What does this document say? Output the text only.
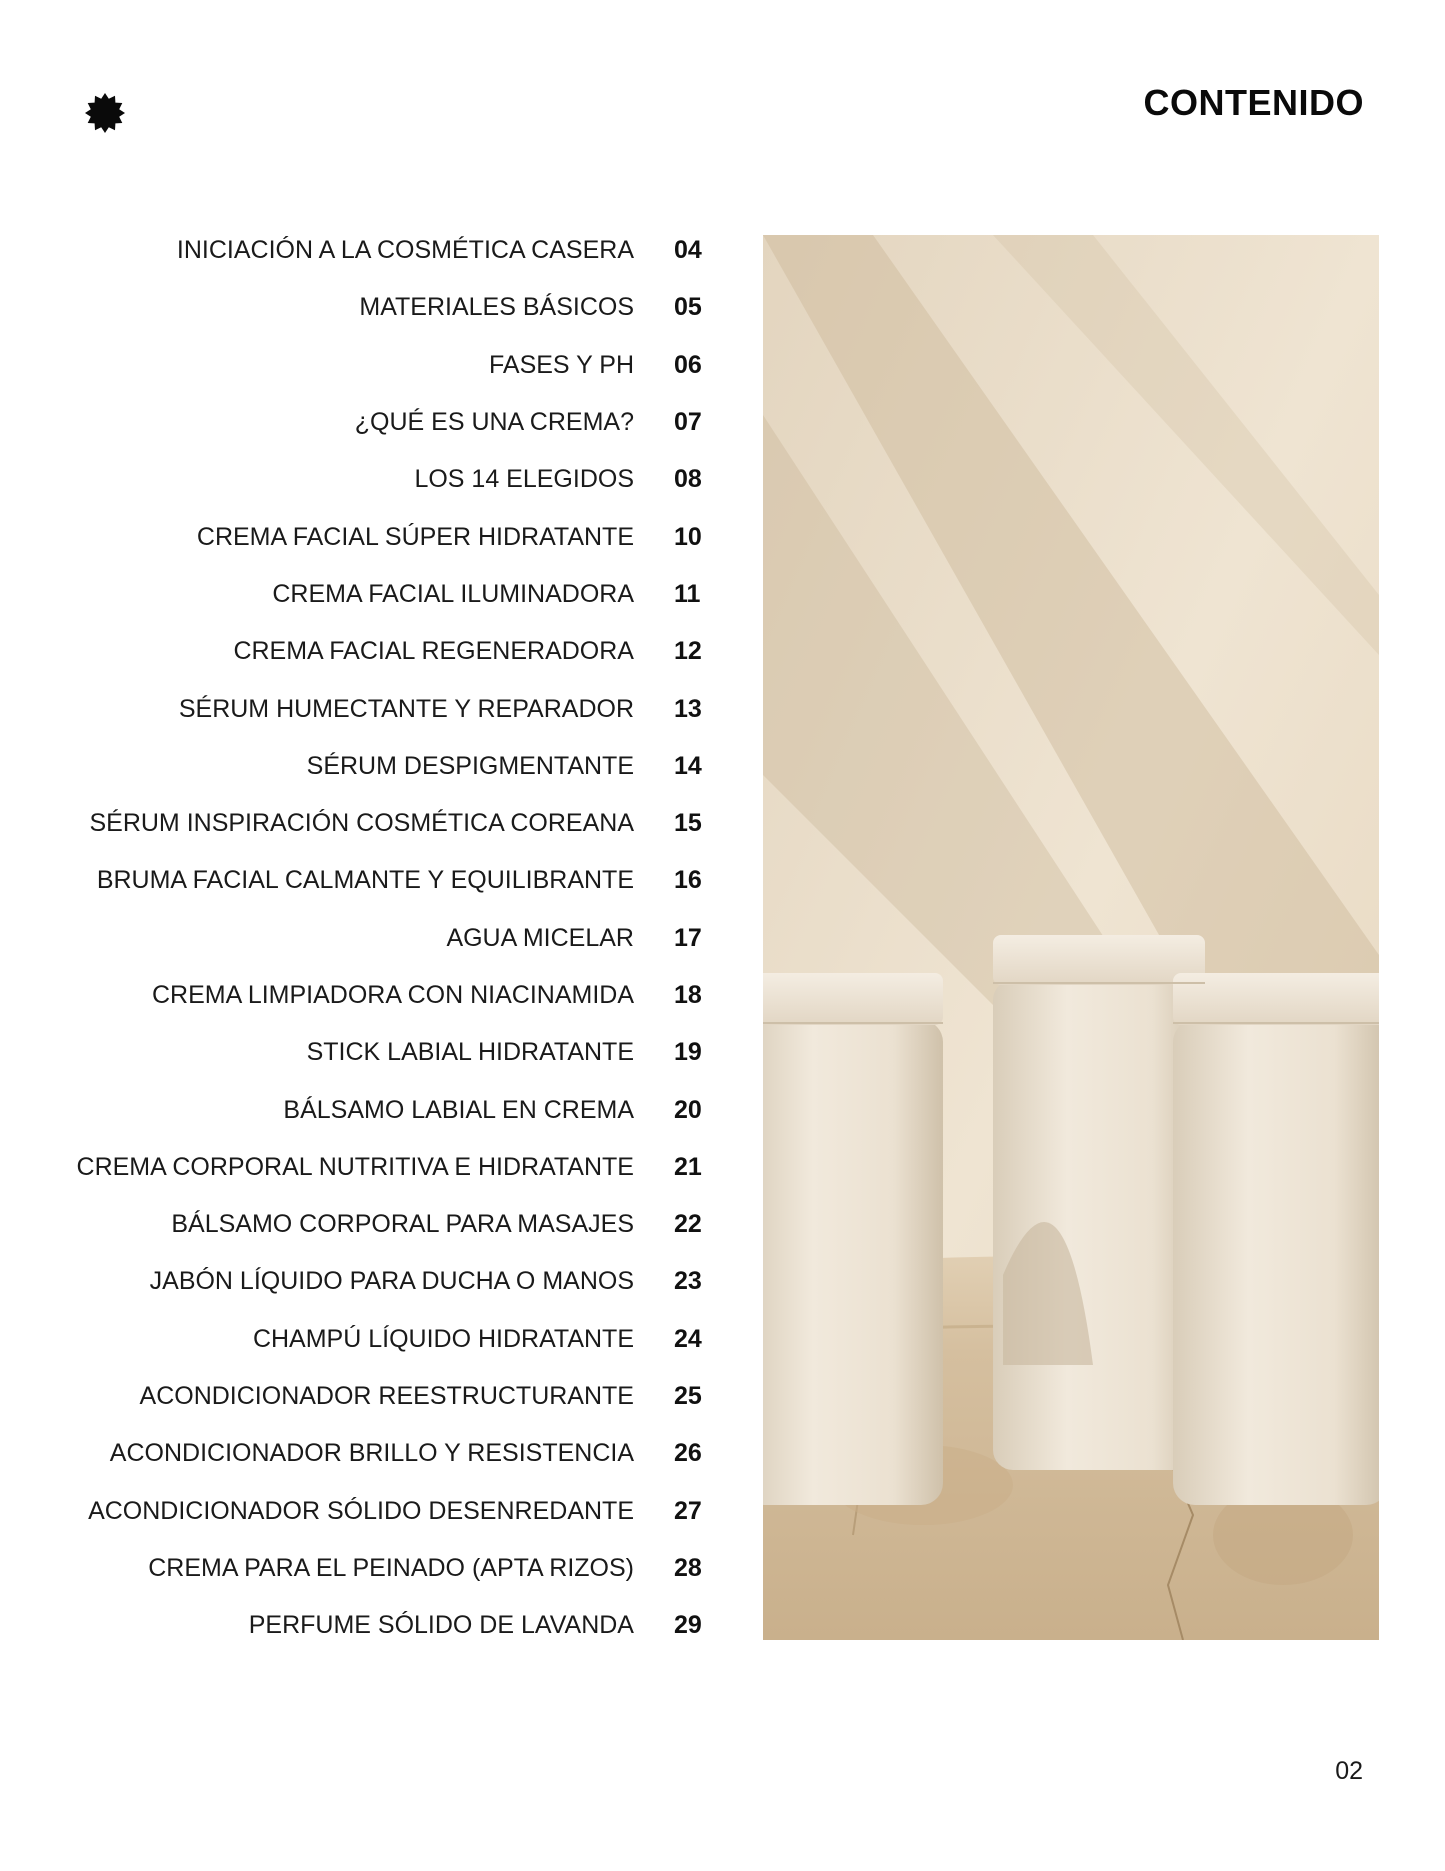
CONTENIDO
INICIACIÓN A LA COSMÉTICA CASERA 04
MATERIALES BÁSICOS 05
FASES Y PH 06
¿QUÉ ES UNA CREMA? 07
LOS 14 ELEGIDOS 08
CREMA FACIAL SÚPER HIDRATANTE 10
CREMA FACIAL ILUMINADORA 11
CREMA FACIAL REGENERADORA 12
SÉRUM HUMECTANTE Y REPARADOR 13
SÉRUM DESPIGMENTANTE 14
SÉRUM INSPIRACIÓN COSMÉTICA COREANA 15
BRUMA FACIAL CALMANTE Y EQUILIBRANTE 16
AGUA MICELAR 17
CREMA LIMPIADORA CON NIACINAMIDA 18
STICK LABIAL HIDRATANTE 19
BÁLSAMO LABIAL EN CREMA 20
CREMA CORPORAL NUTRITIVA E HIDRATANTE 21
BÁLSAMO CORPORAL PARA MASAJES 22
JABÓN LÍQUIDO PARA DUCHA O MANOS 23
CHAMPÚ LÍQUIDO HIDRATANTE 24
ACONDICIONADOR REESTRUCTURANTE 25
ACONDICIONADOR BRILLO Y RESISTENCIA 26
ACONDICIONADOR SÓLIDO DESENREDANTE 27
CREMA PARA EL PEINADO (APTA RIZOS) 28
PERFUME SÓLIDO DE LAVANDA 29
02
